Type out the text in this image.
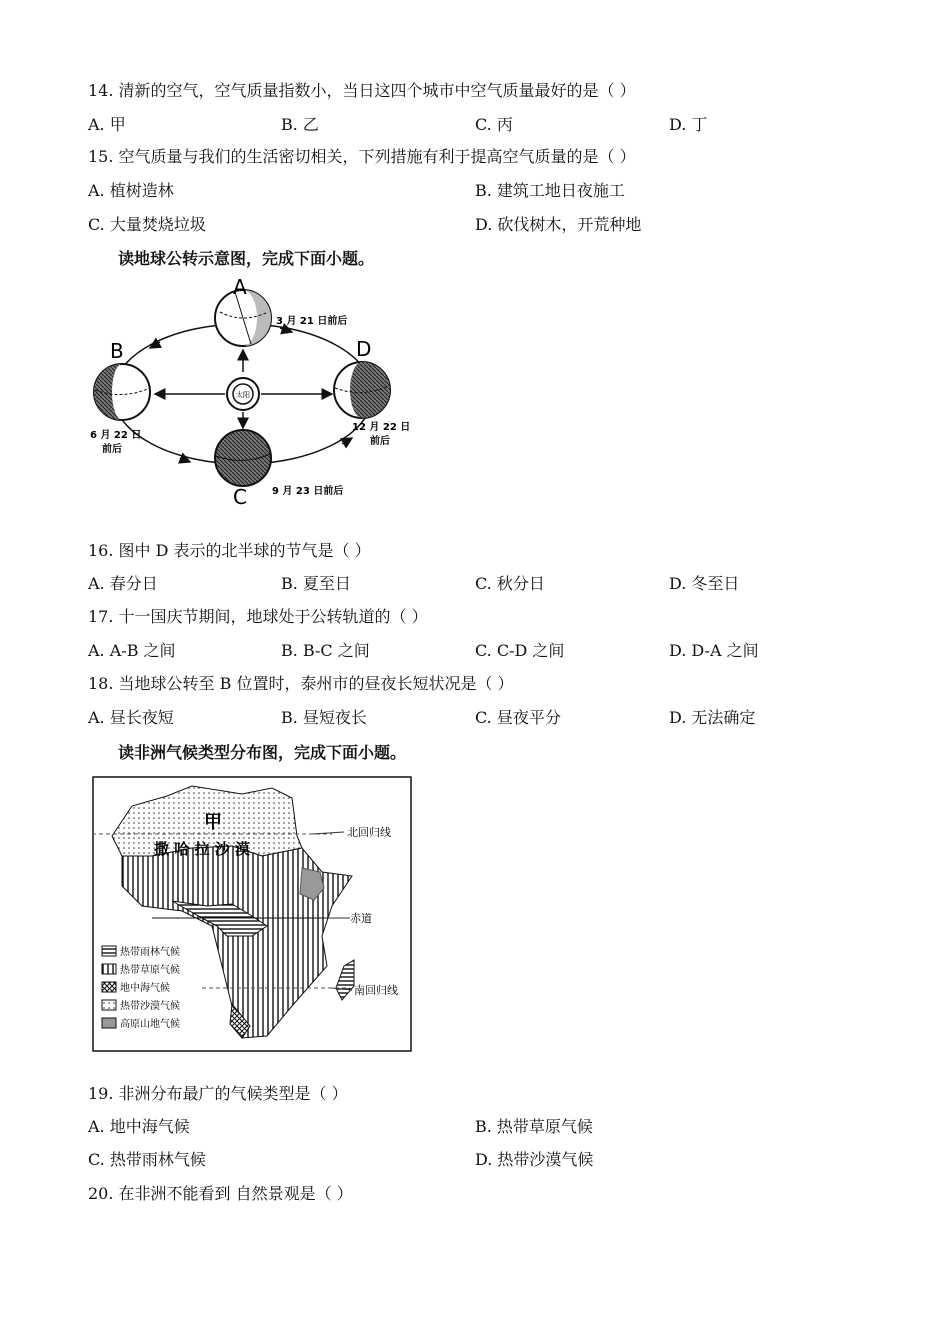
14. 清新的空气，空气质量指数小，当日这四个城市中空气质量最好的是（ ）
A. 甲	B. 乙	C. 丙	D. 丁
15. 空气质量与我们的生活密切相关，下列措施有利于提高空气质量的是（ ）
A. 植树造林	B. 建筑工地日夜施工
C. 大量焚烧垃圾	D. 砍伐树木，开荒种地
读地球公转示意图，完成下面小题。
太阳
A
B
C
D
3 月 21 日前后
6 月 22 日
前后
9 月 23 日前后
12 月 22 日
前后
16. 图中 D 表示的北半球的节气是（ ）
A. 春分日	B. 夏至日	C. 秋分日	D. 冬至日
17. 十一国庆节期间，地球处于公转轨道的（ ）
A. A-B 之间	B. B-C 之间	C. C-D 之间	D. D-A 之间
18. 当地球公转至 B 位置时，泰州市的昼夜长短状况是（ ）
A. 昼长夜短	B. 昼短夜长	C. 昼夜平分	D. 无法确定
读非洲气候类型分布图，完成下面小题。
甲
撒 哈 拉 沙 漠
北回归线
赤道
南回归线
热带雨林气候
热带草原气候
地中海气候
热带沙漠气候
高原山地气候
19. 非洲分布最广的气候类型是（ ）
A. 地中海气候	B. 热带草原气候
C. 热带雨林气候	D. 热带沙漠气候
20. 在非洲不能看到 自然景观是（ ）
